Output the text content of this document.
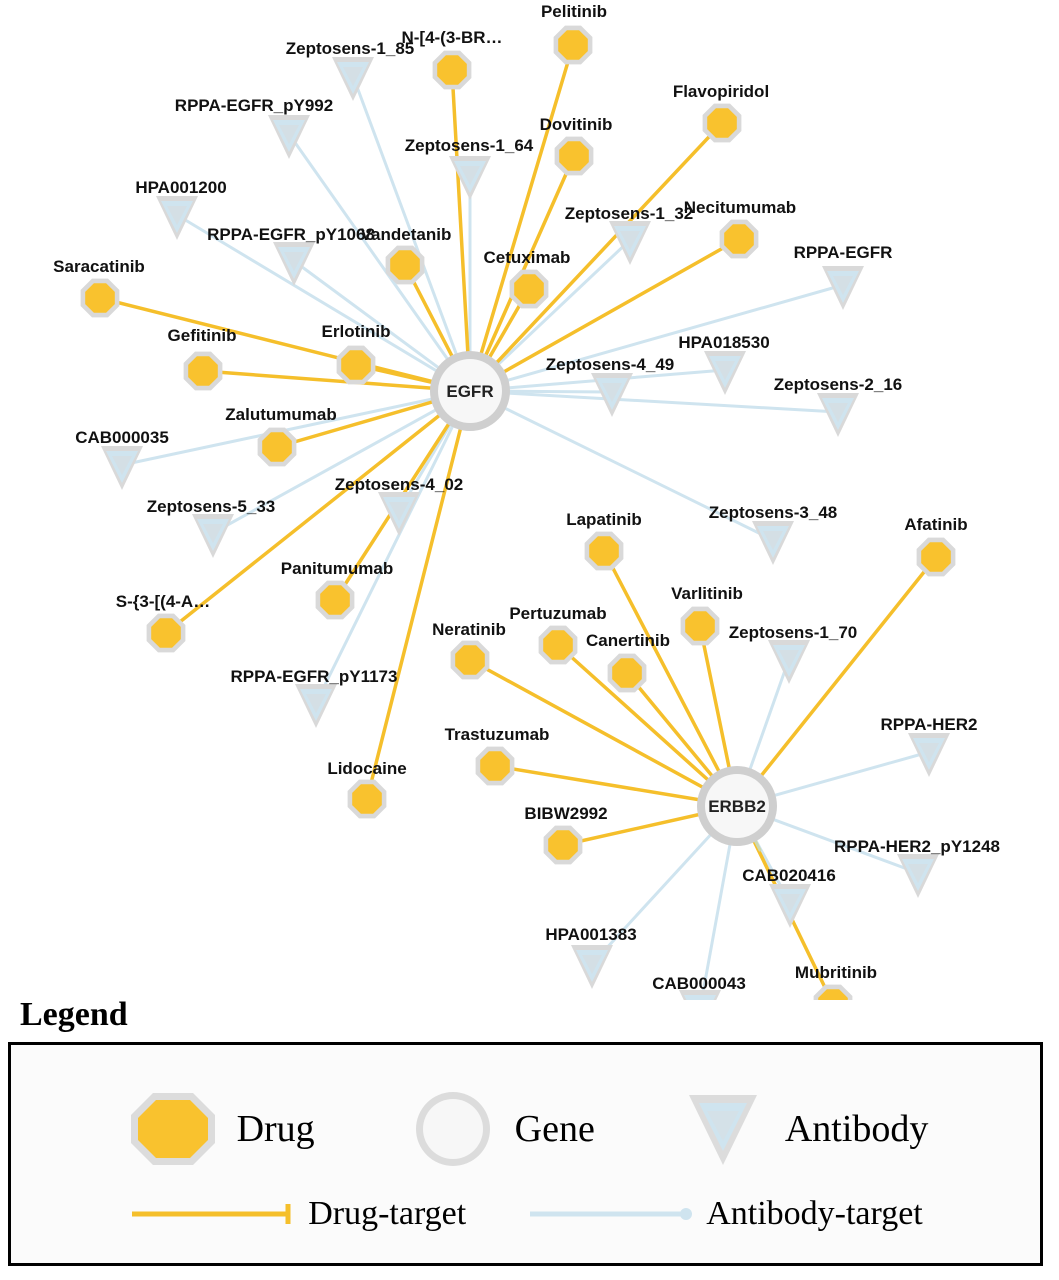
Zeptosens-1_85
RPPA-EGFR_pY992
Zeptosens-1_64
HPA001200
Zeptosens-1_32
RPPA-EGFR_pY1068
RPPA-EGFR
HPA018530
Zeptosens-4_49
Zeptosens-2_16
CAB000035
Zeptosens-4_02
Zeptosens-5_33	Zeptosens-3_48
Zeptosens-1_70
RPPA-EGFR_pY1173
RPPA-HER2
RPPA-HER2_pY1248
CAB020416
HPA001383
CAB000043
Pelitinib
N-[4-(3-BR…
Flavopiridol
Dovitinib
Necitumumab
Vandetanib
Cetuximab
Saracatinib
Erlotinib
Gefitinib
Zalutumumab
Lapatinib	Afatinib
Panitumumab
S-{3-[(4-A…	Varlitinib
Pertuzumab
Neratinib
Canertinib
Trastuzumab
Lidocaine
BIBW2992
Mubritinib
EGFR
ERBB2
Legend
Drug	Gene	Antibody
Drug-target	Antibody-target
